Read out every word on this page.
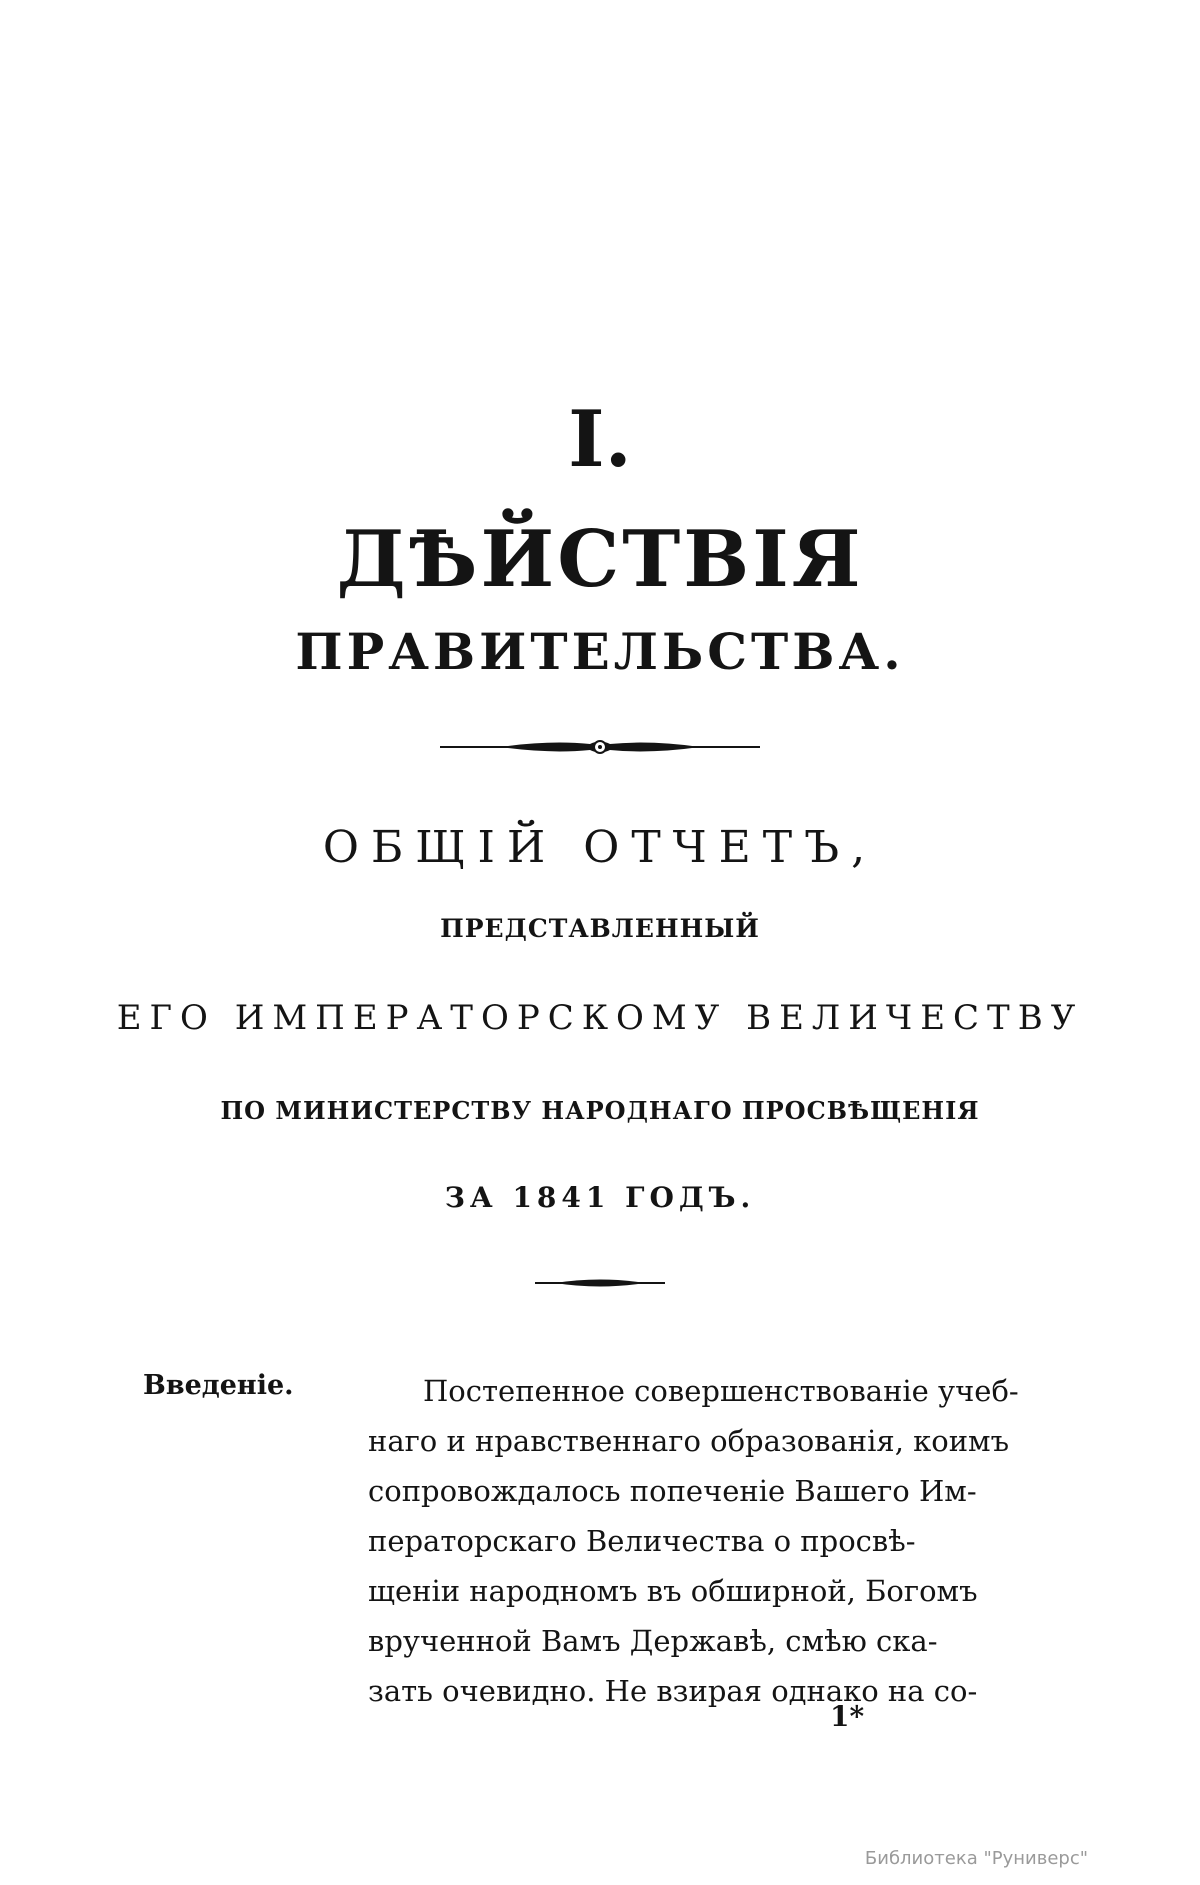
І.
ДѢЙСТВІЯ
ПРАВИТЕЛЬСТВА.
ОБЩІЙ ОТЧЕТЪ,
ПРЕДСТАВЛЕННЫЙ
ЕГО ИМПЕРАТОРСКОМУ ВЕЛИЧЕСТВУ
ПО МИНИСТЕРСТВУ НАРОДНАГО ПРОСВѢЩЕНІЯ
ЗА 1841 ГОДЪ.
Введеніе.	Постепенное совершенствованіе учеб-
наго и нравственнаго образованія, коимъ
сопровождалось попеченіе Вашего Им-
ператорскаго Величества о просвѣ-
щеніи народномъ въ обширной, Богомъ
врученной Вамъ Державѣ, смѣю ска-
зать очевидно. Не взирая однако на со-
1*
Библиотека "Руниверс"
